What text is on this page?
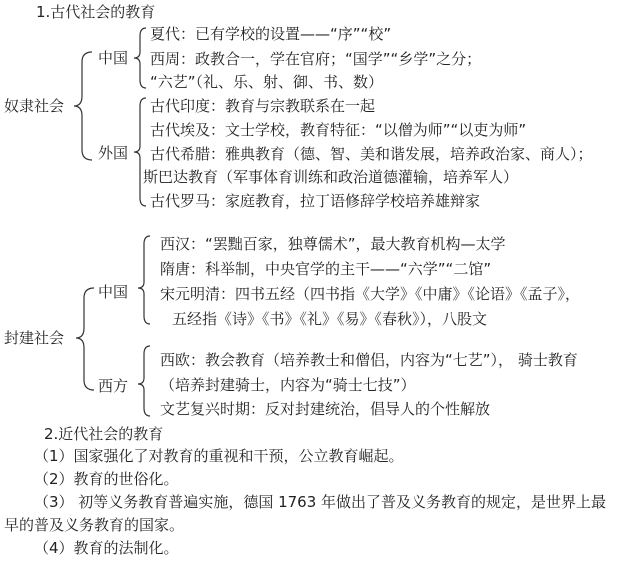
1.古代社会的教育
奴隶社会
中国
夏代：已有学校的设置——“序”“校”
西周：政教合一，学在官府；“国学”“乡学”之分；
“六艺”（礼、乐、射、御、书、数）
外国
古代印度：教育与宗教联系在一起
古代埃及：文士学校，教育特征：“以僧为师”“以吏为师”
古代希腊：雅典教育（德、智、美和谐发展，培养政治家、商人）；
斯巴达教育（军事体育训练和政治道德灌输，培养军人）
古代罗马：家庭教育，拉丁语修辞学校培养雄辩家
封建社会
中国
西汉：“罢黜百家，独尊儒术”，最大教育机构—太学
隋唐：科举制，中央官学的主干——“六学”“二馆”
宋元明清：四书五经（四书指《大学》《中庸》《论语》《孟子》，
五经指《诗》《书》《礼》《易》《春秋》），八股文
西方
西欧：教会教育（培养教士和僧侣，内容为“七艺”）， 骑士教育
（培养封建骑士，内容为“骑士七技”）
文艺复兴时期：反对封建统治，倡导人的个性解放
2.近代社会的教育
（1）国家强化了对教育的重视和干预，公立教育崛起。
（2）教育的世俗化。
（3） 初等义务教育普遍实施，德国 1763 年做出了普及义务教育的规定，是世界上最
早的普及义务教育的国家。
（4）教育的法制化。
